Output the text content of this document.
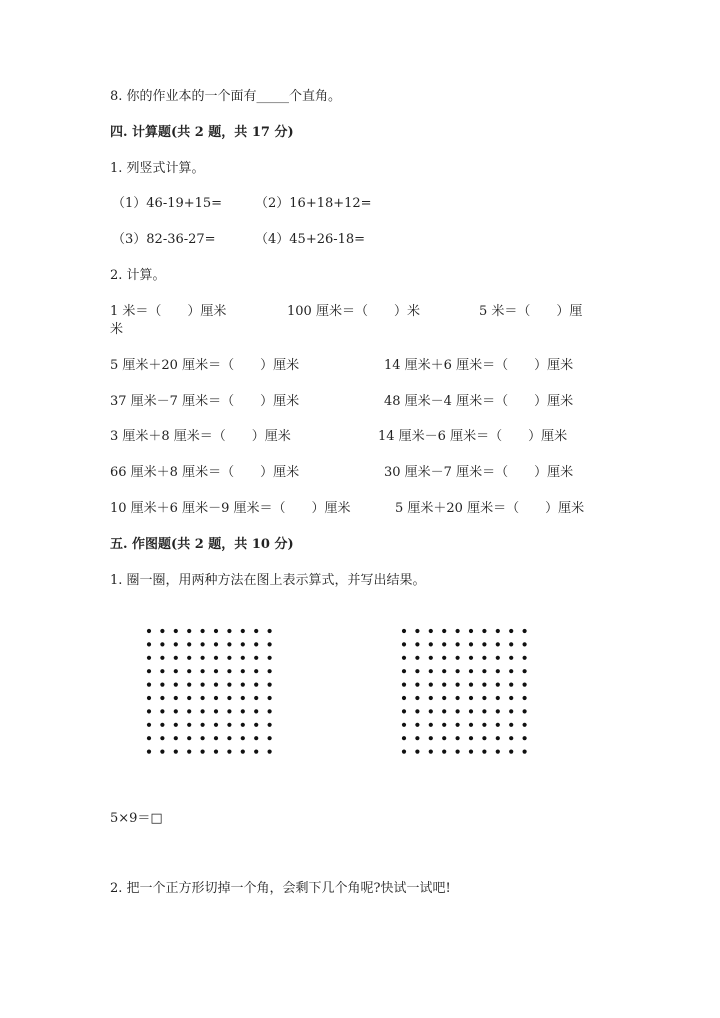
8. 你的作业本的一个面有_____个直角。
四. 计算题(共 2 题，共 17 分)
1. 列竖式计算。
（1）46-19+15=	（2）16+18+12=
（3）82-36-27=	（4）45+26-18=
2. 计算。
1 米＝（　　）厘米	100 厘米＝（　　）米	5 米＝（　　）厘
米
5 厘米＋20 厘米＝（　　）厘米	14 厘米＋6 厘米＝（　　）厘米
37 厘米－7 厘米＝（　　）厘米	48 厘米－4 厘米＝（　　）厘米
3 厘米＋8 厘米＝（　　）厘米	14 厘米－6 厘米＝（　　）厘米
66 厘米＋8 厘米＝（　　）厘米	30 厘米－7 厘米＝（　　）厘米
10 厘米＋6 厘米－9 厘米＝（　　）厘米	5 厘米＋20 厘米＝（　　）厘米
五. 作图题(共 2 题，共 10 分)
1. 圈一圈，用两种方法在图上表示算式，并写出结果。
5×9＝□
2. 把一个正方形切掉一个角，会剩下几个角呢?快试一试吧!
